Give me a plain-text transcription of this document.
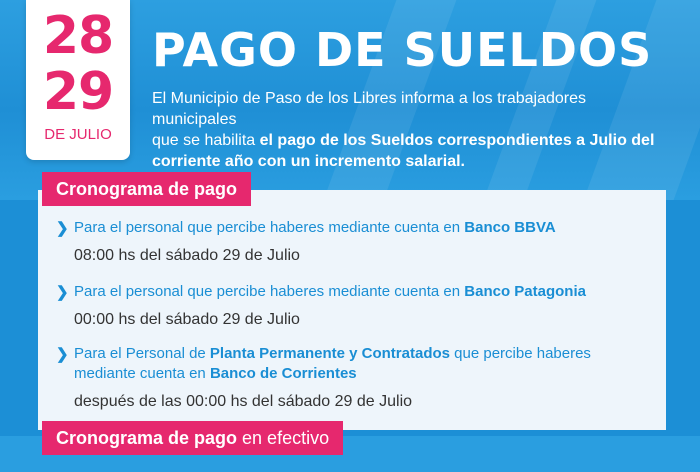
28
29
DE JULIO
PAGO DE SUELDOS
El Municipio de Paso de los Libres informa a los trabajadores municipales
que se habilita el pago de los Sueldos correspondientes a Julio del
corriente año con un incremento salarial.
Cronograma de pago
❯ Para el personal que percibe haberes mediante cuenta en Banco BBVA
08:00 hs del sábado 29 de Julio
❯ Para el personal que percibe haberes mediante cuenta en Banco Patagonia
00:00 hs del sábado 29 de Julio
❯ Para el Personal de Planta Permanente y Contratados que percibe haberes
mediante cuenta en Banco de Corrientes
después de las 00:00 hs del sábado 29 de Julio
Cronograma de pago en efectivo
